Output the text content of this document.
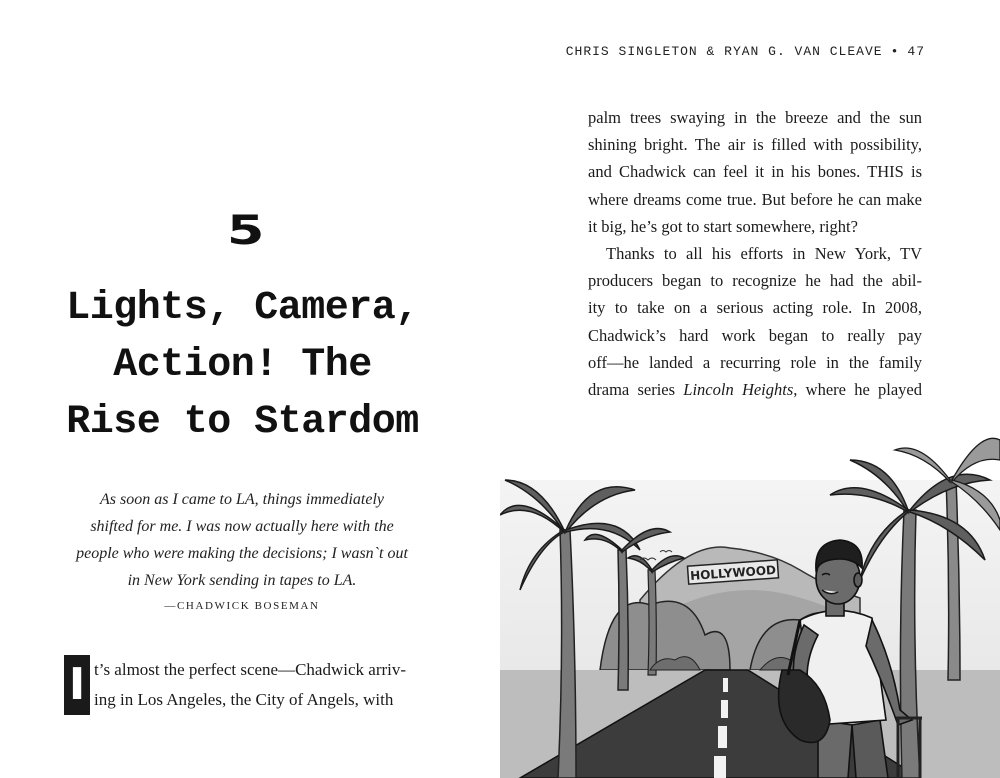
5
Lights, Camera,
Action! The
Rise to Stardom
As soon as I came to LA, things immediately
shifted for me. I was now actually here with the
people who were making the decisions; I wasn`t out
in New York sending in tapes to LA.
—CHADWICK BOSEMAN
I t’s almost the perfect scene—Chadwick arriv-
ing in Los Angeles, the City of Angels, with
CHRIS SINGLETON & RYAN G. VAN CLEAVE • 47
palm trees swaying in the breeze and the sun
shining bright. The air is filled with possibility,
and Chadwick can feel it in his bones. THIS is
where dreams come true. But before he can make
it big, he’s got to start somewhere, right?
Thanks to all his efforts in New York, TV
producers began to recognize he had the abil-
ity to take on a serious acting role. In 2008,
Chadwick’s hard work began to really pay
off—he landed a recurring role in the family
drama series Lincoln Heights, where he played
HOLLYWOOD
